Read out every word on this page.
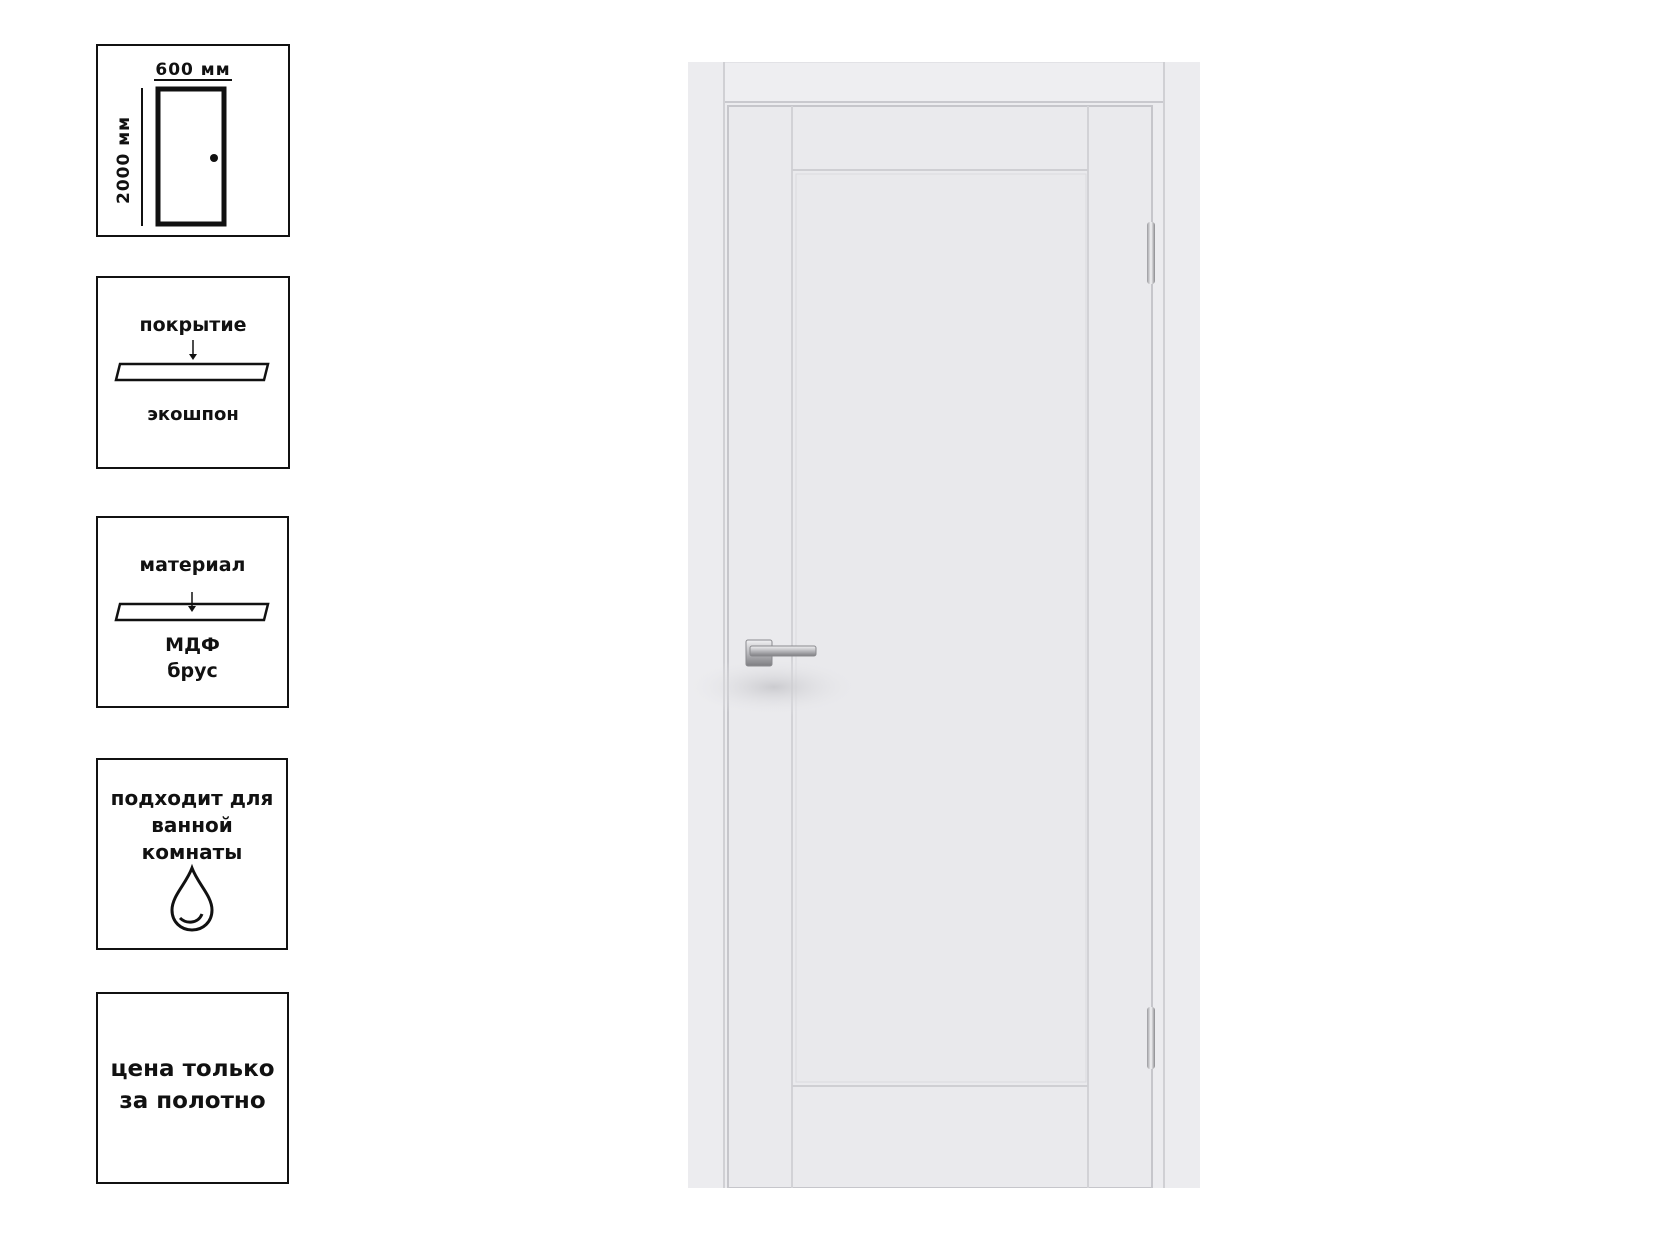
600 мм
2000 мм
покрытие
экошпон
материал
МДФ
брус
подходит для
ванной
комнаты
цена только
за полотно
